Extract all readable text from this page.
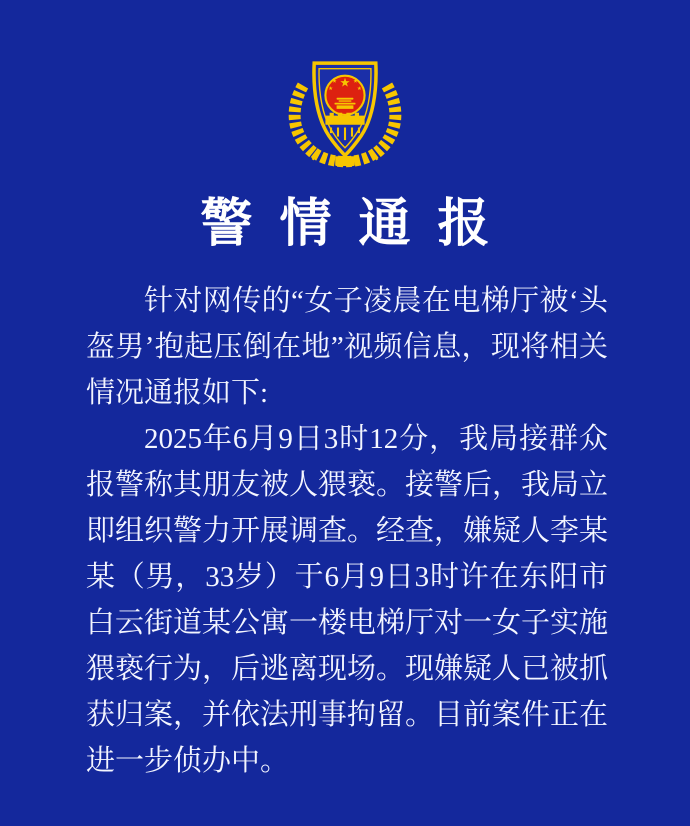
警情通报

针对网传的“女子凌晨在电梯厅被‘头盔男’抱起压倒在地”视频信息，现将相关情况通报如下:

2025年6月9日3时12分，我局接群众报警称其朋友被人猥亵。接警后，我局立即组织警力开展调查。经查，嫌疑人李某某（男，33岁）于6月9日3时许在东阳市白云街道某公寓一楼电梯厅对一女子实施猥亵行为，后逃离现场。现嫌疑人已被抓获归案，并依法刑事拘留。目前案件正在进一步侦办中。
